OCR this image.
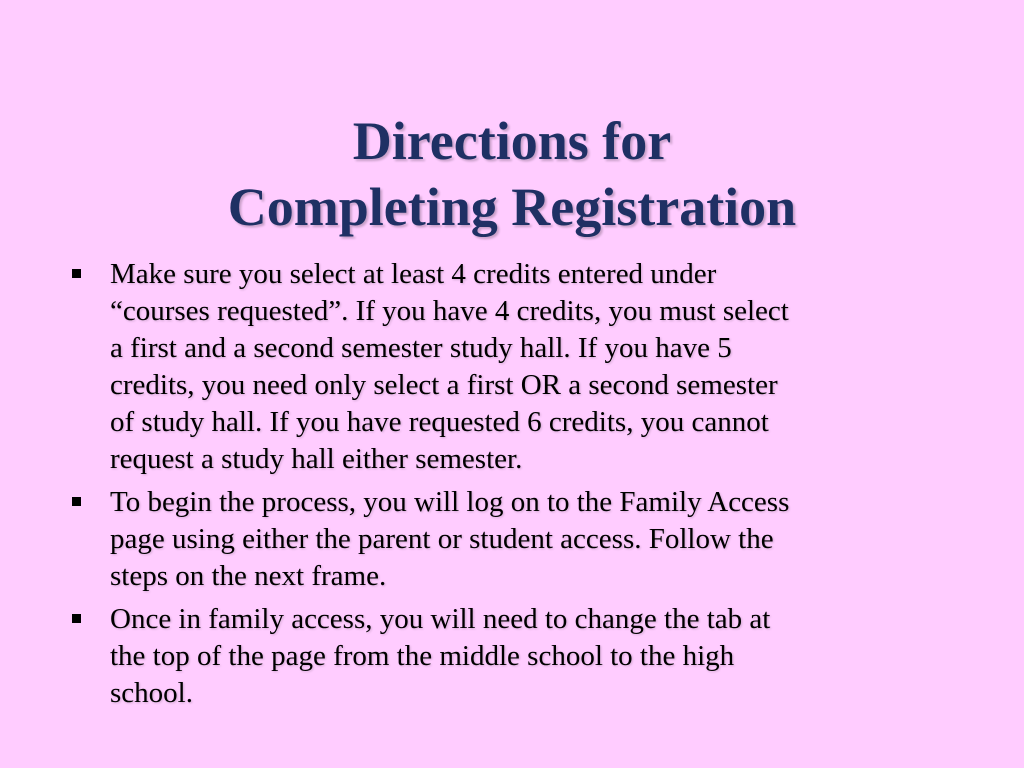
Directions for
Completing Registration
Make sure you select at least 4 credits entered under
“courses requested”. If you have 4 credits, you must select
a first and a second semester study hall. If you have 5
credits, you need only select a first OR a second semester
of study hall. If you have requested 6 credits, you cannot
request a study hall either semester.
To begin the process, you will log on to the Family Access
page using either the parent or student access. Follow the
steps on the next frame.
Once in family access, you will need to change the tab at
the top of the page from the middle school to the high
school.
